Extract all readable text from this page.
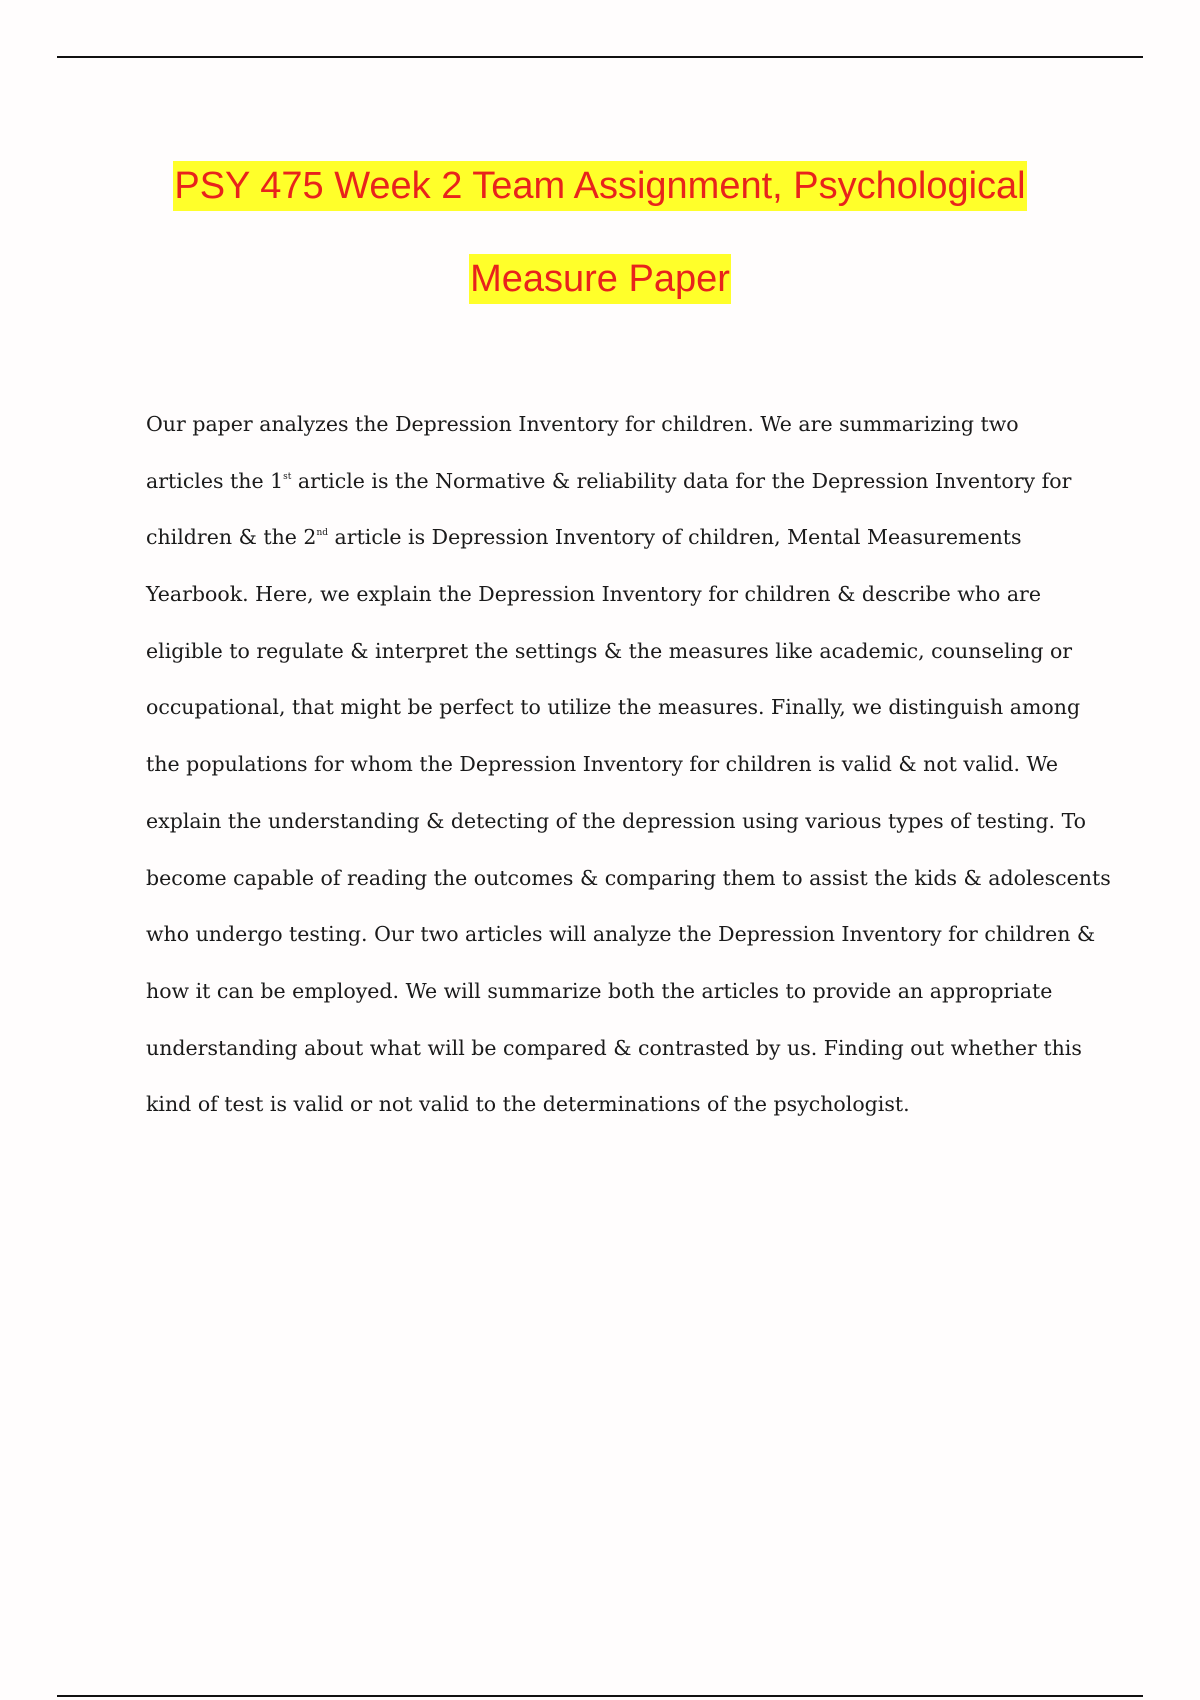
PSY 475 Week 2 Team Assignment, Psychological
Measure Paper
Our paper analyzes the Depression Inventory for children. We are summarizing two
articles the 1st article is the Normative & reliability data for the Depression Inventory for
children & the 2nd article is Depression Inventory of children, Mental Measurements
Yearbook. Here, we explain the Depression Inventory for children & describe who are
eligible to regulate & interpret the settings & the measures like academic, counseling or
occupational, that might be perfect to utilize the measures. Finally, we distinguish among
the populations for whom the Depression Inventory for children is valid & not valid. We
explain the understanding & detecting of the depression using various types of testing. To
become capable of reading the outcomes & comparing them to assist the kids & adolescents
who undergo testing. Our two articles will analyze the Depression Inventory for children &
how it can be employed. We will summarize both the articles to provide an appropriate
understanding about what will be compared & contrasted by us. Finding out whether this
kind of test is valid or not valid to the determinations of the psychologist.
